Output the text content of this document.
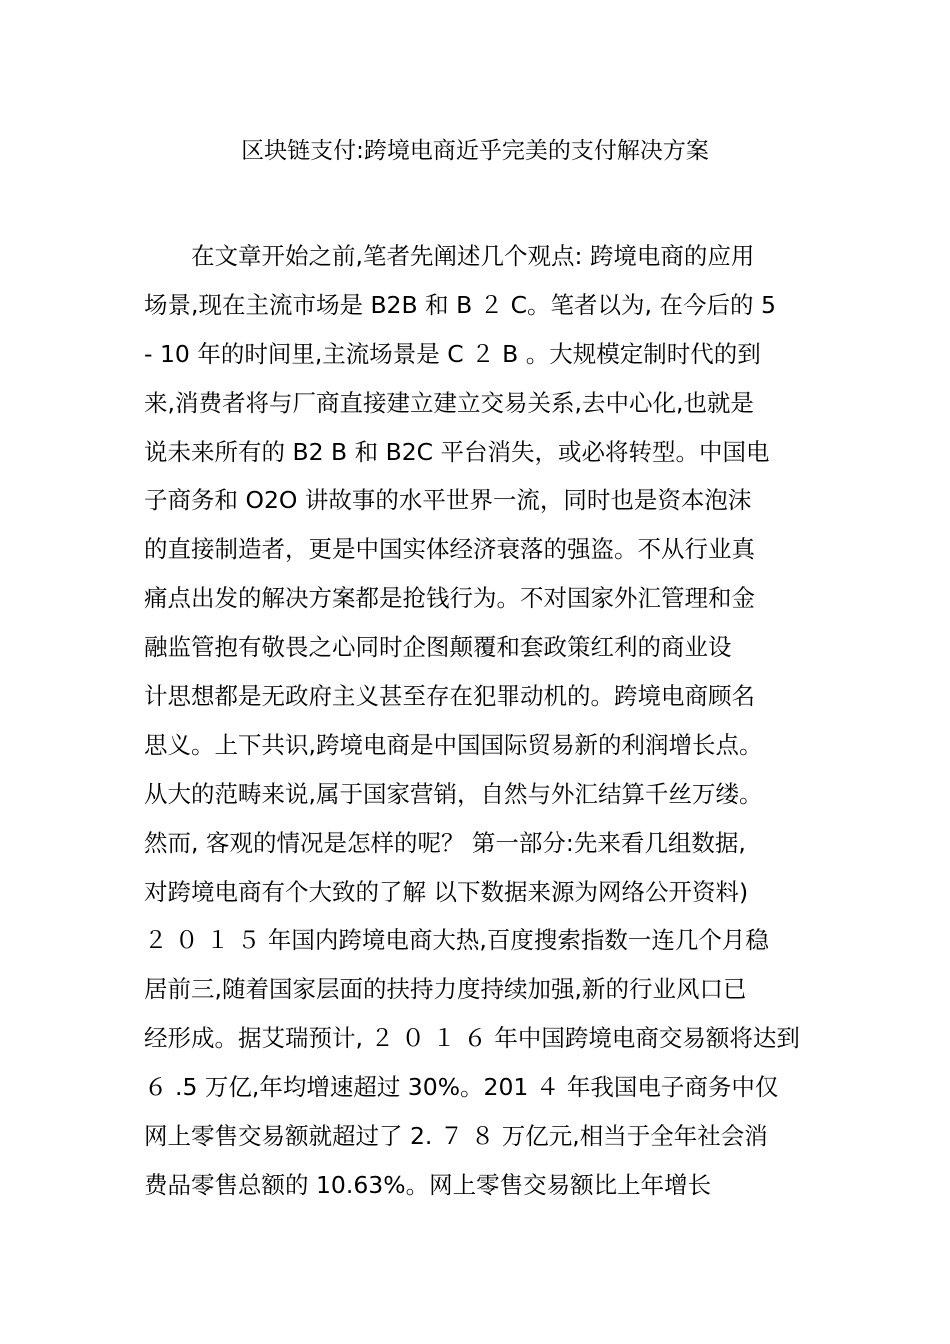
区块链支付:跨境电商近乎完美的支付解决方案
在文章开始之前,笔者先阐述几个观点: 跨境电商的应用
场景,现在主流市场是 B2B 和 B ２ C。笔者以为, 在今后的 5
- 10 年的时间里,主流场景是 C ２ B 。大规模定制时代的到
来,消费者将与厂商直接建立建立交易关系,去中心化,也就是
说未来所有的 B2 B 和 B2C 平台消失，或必将转型。中国电
子商务和 O2O 讲故事的水平世界一流，同时也是资本泡沫
的直接制造者，更是中国实体经济衰落的强盗。不从行业真
痛点出发的解决方案都是抢钱行为。不对国家外汇管理和金
融监管抱有敬畏之心同时企图颠覆和套政策红利的商业设
计思想都是无政府主义甚至存在犯罪动机的。跨境电商顾名
思义。上下共识,跨境电商是中国国际贸易新的利润增长点。
从大的范畴来说,属于国家营销，自然与外汇结算千丝万缕。
然而, 客观的情况是怎样的呢？ 第一部分:先来看几组数据,
对跨境电商有个大致的了解 以下数据来源为网络公开资料)
２ ０ １ ５ 年国内跨境电商大热,百度搜索指数一连几个月稳
居前三,随着国家层面的扶持力度持续加强,新的行业风口已
经形成。据艾瑞预计, ２ ０ １ ６ 年中国跨境电商交易额将达到
６ .5 万亿,年均增速超过 30%。201 ４ 年我国电子商务中仅
网上零售交易额就超过了 2. ７ ８ 万亿元,相当于全年社会消
费品零售总额的 10.63%。网上零售交易额比上年增长
